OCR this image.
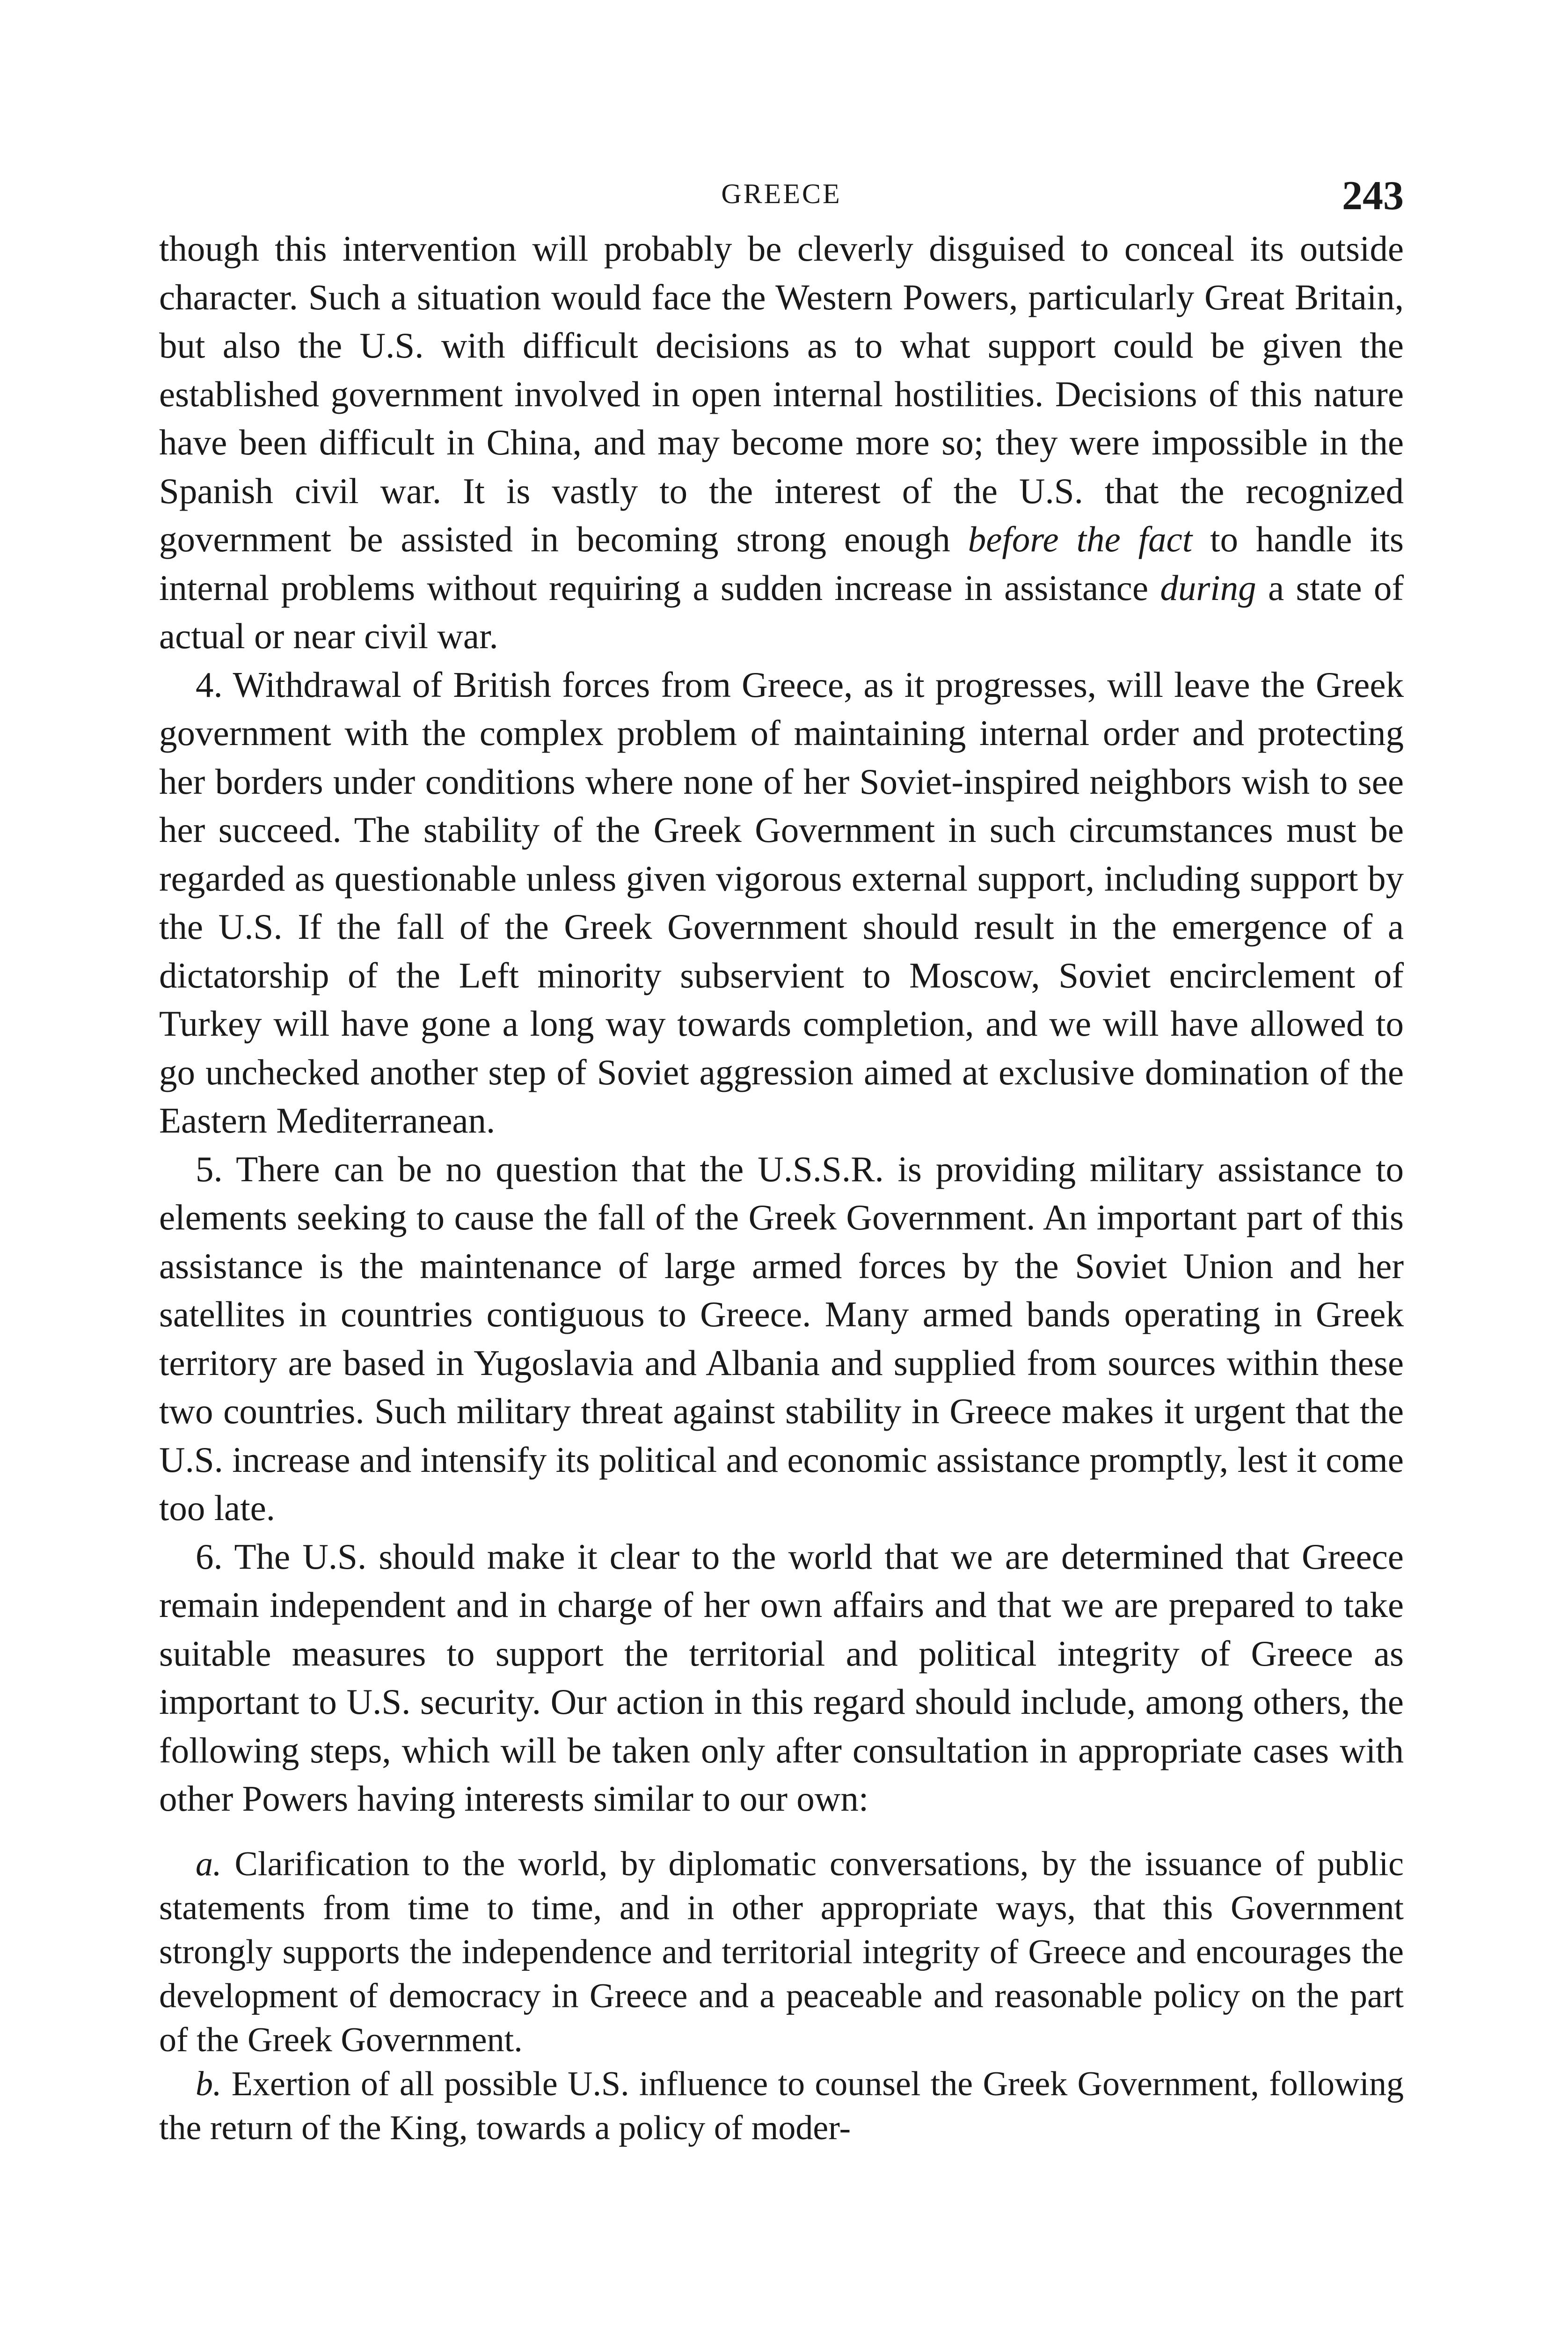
GREECE	243

though this intervention will probably be cleverly disguised to conceal its outside character. Such a situation would face the Western Powers, particularly Great Britain, but also the U.S. with difficult decisions as to what support could be given the established government involved in open internal hostilities. Decisions of this nature have been difficult in China, and may become more so; they were impossible in the Spanish civil war. It is vastly to the interest of the U.S. that the recognized government be assisted in becoming strong enough before the fact to handle its internal problems without requiring a sudden increase in assistance during a state of actual or near civil war.

4. Withdrawal of British forces from Greece, as it progresses, will leave the Greek government with the complex problem of maintaining internal order and protecting her borders under conditions where none of her Soviet-inspired neighbors wish to see her succeed. The stability of the Greek Government in such circumstances must be regarded as questionable unless given vigorous external support, including support by the U.S. If the fall of the Greek Government should result in the emergence of a dictatorship of the Left minority subservient to Moscow, Soviet encirclement of Turkey will have gone a long way towards completion, and we will have allowed to go unchecked another step of Soviet aggression aimed at exclusive domination of the Eastern Mediterranean.

5. There can be no question that the U.S.S.R. is providing military assistance to elements seeking to cause the fall of the Greek Government. An important part of this assistance is the maintenance of large armed forces by the Soviet Union and her satellites in countries contiguous to Greece. Many armed bands operating in Greek territory are based in Yugoslavia and Albania and supplied from sources within these two countries. Such military threat against stability in Greece makes it urgent that the U.S. increase and intensify its political and economic assistance promptly, lest it come too late.

6. The U.S. should make it clear to the world that we are determined that Greece remain independent and in charge of her own affairs and that we are prepared to take suitable measures to support the territorial and political integrity of Greece as important to U.S. security. Our action in this regard should include, among others, the following steps, which will be taken only after consultation in appropriate cases with other Powers having interests similar to our own:

a. Clarification to the world, by diplomatic conversations, by the issuance of public statements from time to time, and in other appropriate ways, that this Government strongly supports the independence and territorial integrity of Greece and encourages the development of democracy in Greece and a peaceable and reasonable policy on the part of the Greek Government.

b. Exertion of all possible U.S. influence to counsel the Greek Government, following the return of the King, towards a policy of moder-
